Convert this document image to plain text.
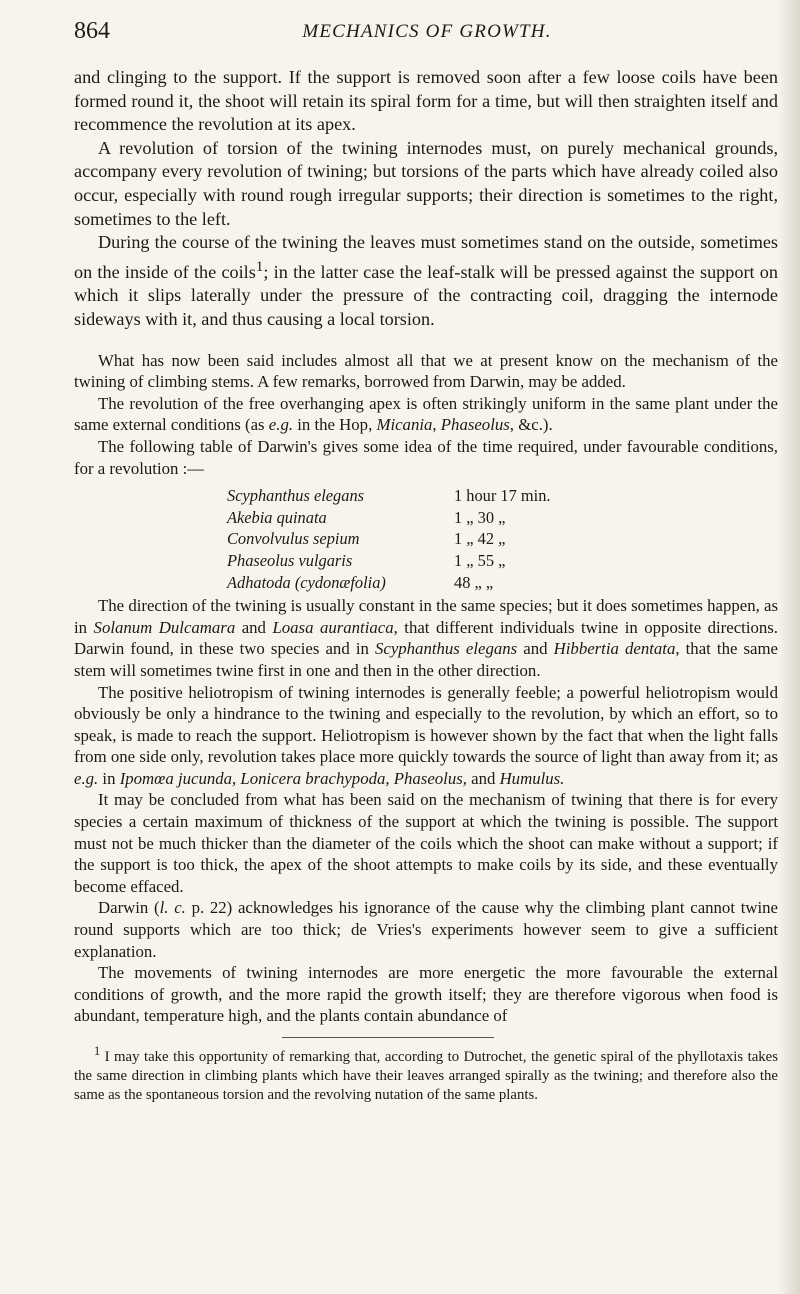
864	MECHANICS OF GROWTH.

and clinging to the support. If the support is removed soon after a few loose coils have been formed round it, the shoot will retain its spiral form for a time, but will then straighten itself and recommence the revolution at its apex.

A revolution of torsion of the twining internodes must, on purely mechanical grounds, accompany every revolution of twining; but torsions of the parts which have already coiled also occur, especially with round rough irregular supports; their direction is sometimes to the right, sometimes to the left.

During the course of the twining the leaves must sometimes stand on the outside, sometimes on the inside of the coils$^1$; in the latter case the leaf-stalk will be pressed against the support on which it slips laterally under the pressure of the contracting coil, dragging the internode sideways with it, and thus causing a local torsion.

What has now been said includes almost all that we at present know on the mechanism of the twining of climbing stems. A few remarks, borrowed from Darwin, may be added.

The revolution of the free overhanging apex is often strikingly uniform in the same plant under the same external conditions (as e.g. in the Hop, Micania, Phaseolus, &c.).

The following table of Darwin's gives some idea of the time required, under favourable conditions, for a revolution :—

Scyphanthus elegans	1 hour 17 min.
Akebia quinata	1 „ 30 „
Convolvulus sepium	1 „ 42 „
Phaseolus vulgaris	1 „ 55 „
Adhatoda (cydonæfolia)	48 „ „

The direction of the twining is usually constant in the same species; but it does sometimes happen, as in Solanum Dulcamara and Loasa aurantiaca, that different individuals twine in opposite directions. Darwin found, in these two species and in Scyphanthus elegans and Hibbertia dentata, that the same stem will sometimes twine first in one and then in the other direction.

The positive heliotropism of twining internodes is generally feeble; a powerful heliotropism would obviously be only a hindrance to the twining and especially to the revolution, by which an effort, so to speak, is made to reach the support. Heliotropism is however shown by the fact that when the light falls from one side only, revolution takes place more quickly towards the source of light than away from it; as e.g. in Ipomœa jucunda, Lonicera brachypoda, Phaseolus, and Humulus.

It may be concluded from what has been said on the mechanism of twining that there is for every species a certain maximum of thickness of the support at which the twining is possible. The support must not be much thicker than the diameter of the coils which the shoot can make without a support; if the support is too thick, the apex of the shoot attempts to make coils by its side, and these eventually become effaced.

Darwin (l. c. p. 22) acknowledges his ignorance of the cause why the climbing plant cannot twine round supports which are too thick; de Vries's experiments however seem to give a sufficient explanation.

The movements of twining internodes are more energetic the more favourable the external conditions of growth, and the more rapid the growth itself; they are therefore vigorous when food is abundant, temperature high, and the plants contain abundance of

$^1$ I may take this opportunity of remarking that, according to Dutrochet, the genetic spiral of the phyllotaxis takes the same direction in climbing plants which have their leaves arranged spirally as the twining; and therefore also the same as the spontaneous torsion and the revolving nutation of the same plants.
